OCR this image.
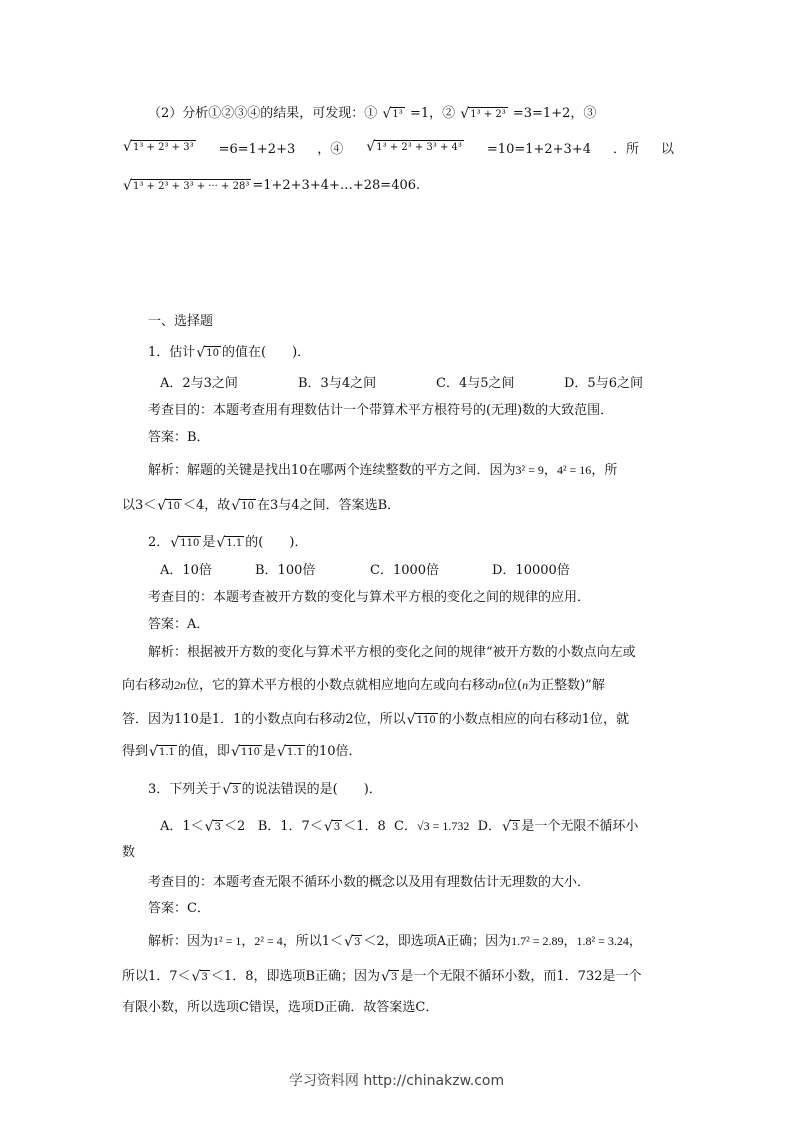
（2）分析①②③④的结果，可发现：① √ 1³ =1，② √ 1³ + 2³ =3=1+2，③
√ 1³ + 2³ + 3³ =6=1+2+3 ，④ √ 1³ + 2³ + 3³ + 4³ =10=1+2+3+4 ．所 以
√ 1³ + 2³ + 3³ + ··· + 28³ =1+2+3+4+…+28=406.
一、选择题
1．估计 √ 10 的值在(　　)．
A．2与3之间	B．3与4之间	C．4与5之间	D．5与6之间
考查目的：本题考查用有理数估计一个带算术平方根符号的(无理)数的大致范围．
答案：B．
解析：解题的关键是找出10在哪两个连续整数的平方之间．因为3² = 9，4² = 16，所
以3＜ √ 10 ＜4，故 √ 10 在3与4之间．答案选B．
2． √ 110 是 √ 1.1 的(　　)．
A．10倍	B．100倍	C．1000倍	D．10000倍
考查目的：本题考查被开方数的变化与算术平方根的变化之间的规律的应用．
答案：A．
解析：根据被开方数的变化与算术平方根的变化之间的规律“被开方数的小数点向左或
向右移动2n位，它的算术平方根的小数点就相应地向左或向右移动n位(n为正整数)”解
答．因为110是1．1的小数点向右移动2位，所以 √ 110 的小数点相应的向右移动1位，就
得到 √ 1.1 的值，即 √ 110 是 √ 1.1 的10倍．
3．下列关于 √ 3 的说法错误的是(　　)．
A．1＜ √ 3 ＜2 B．1．7＜ √ 3 ＜1．8 C．√3 = 1.732 D． √ 3 是一个无限不循环小
数
考查目的：本题考查无限不循环小数的概念以及用有理数估计无理数的大小．
答案：C．
解析：因为1² = 1，2² = 4，所以1＜ √ 3 ＜2，即选项A正确；因为1.7² = 2.89，1.8² = 3.24，
所以1．7＜ √ 3 ＜1．8，即选项B正确；因为 √ 3 是一个无限不循环小数，而1．732是一个
有限小数，所以选项C错误，选项D正确．故答案选C．
学习资料网 http://chinakzw.com
